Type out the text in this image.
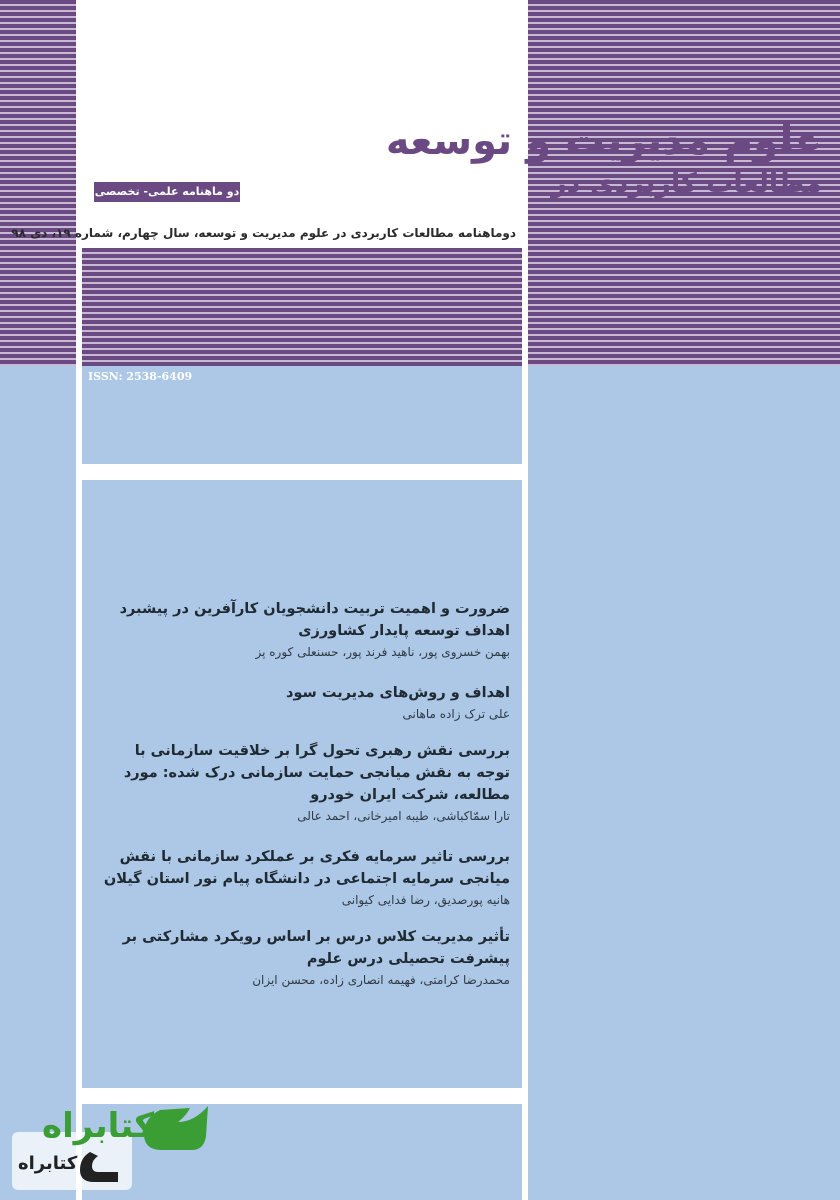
علوم مدیریت و توسعه
مطالعات کاربردی در
دو ماهنامه علمی- تخصصی
دوماهنامه مطالعات کاربردی در علوم مدیریت و توسعه، سال چهارم، شماره ۱۹، دی ۹۸
ISSN: 2538-6409

ضرورت و اهمیت تربیت دانشجویان کارآفرین در پیشبرد اهداف توسعه پایدار کشاورزی

بهمن خسروی پور، ناهید فرند پور، حسنعلی کوره پز

اهداف و روش‌های مدیریت سود

علی ترک زاده ماهانی

بررسی نقش رهبری تحول گرا بر خلاقیت سازمانی با توجه به نقش میانجی حمایت سازمانی درک شده: مورد مطالعه، شرکت ایران خودرو

تارا سمّاکباشی، طیبه امیرخانی، احمد عالی

بررسی تاثیر سرمایه فکری بر عملکرد سازمانی با نقش میانجی سرمایه اجتماعی در دانشگاه پیام نور استان گیلان

هانیه پورصدیق، رضا فدایی کیوانی

تأثیر مدیریت کلاس درس بر اساس رویکرد مشارکتی بر پیشرفت تحصیلی درس علوم

محمدرضا کرامتی، فهیمه انصاری زاده، محسن ایزان

کتابراه
کتابراه
